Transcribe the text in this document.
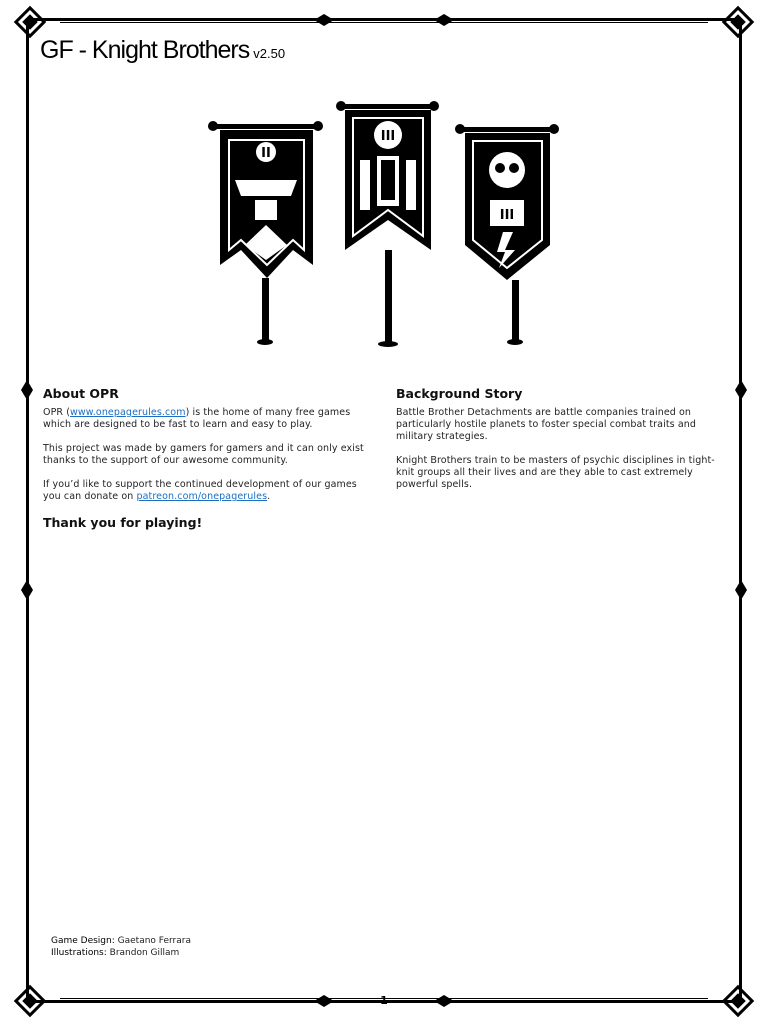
GF - Knight Brothers v2.50
II
III
III
About OPR

OPR (www.onepagerules.com) is the home of many free games which are designed to be fast to learn and easy to play.

This project was made by gamers for gamers and it can only exist thanks to the support of our awesome community.

If you’d like to support the continued development of our games you can donate on patreon.com/onepagerules.

Thank you for playing!
Background Story

Battle Brother Detachments are battle companies trained on particularly hostile planets to foster special combat traits and military strategies.

Knight Brothers train to be masters of psychic disciplines in tight-knit groups all their lives and are they able to cast extremely powerful spells.

Game Design: Gaetano Ferrara
Illustrations: Brandon Gillam
1
